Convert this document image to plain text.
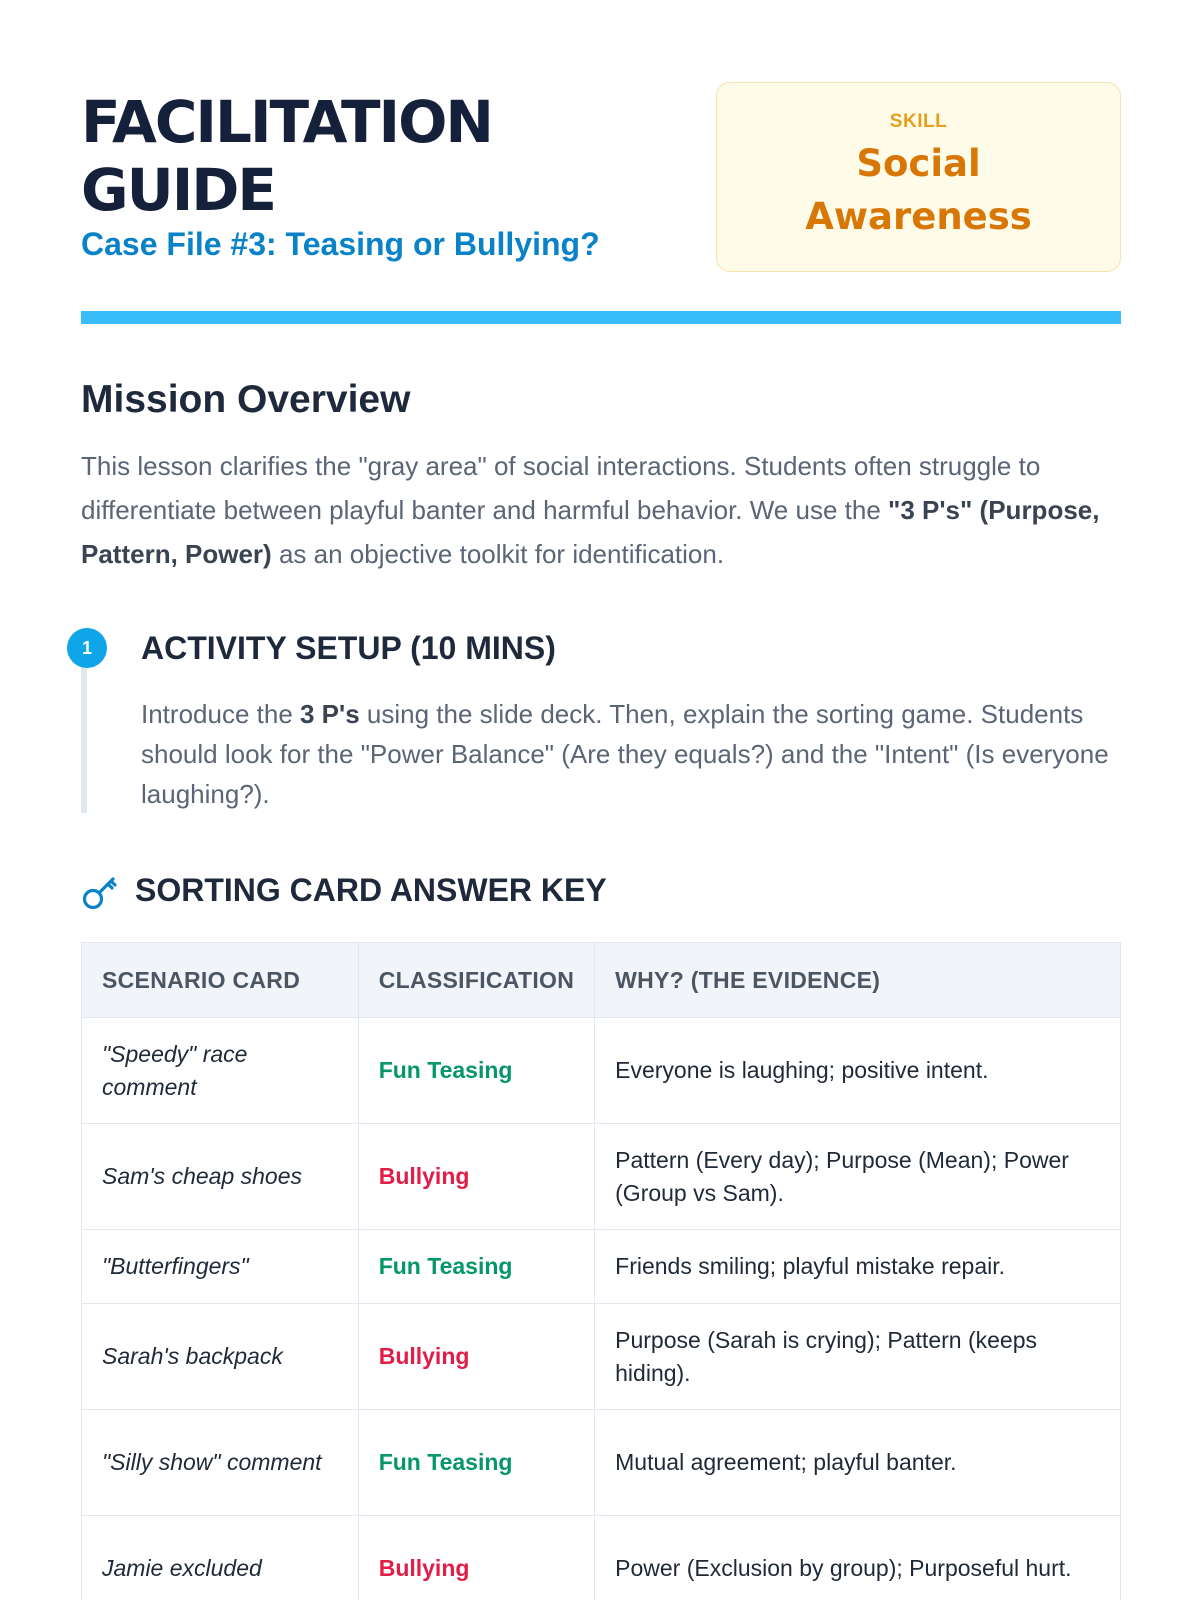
FACILITATION
GUIDE
Case File #3: Teasing or Bullying?
SKILL
Social
Awareness
Mission Overview

This lesson clarifies the "gray area" of social interactions. Students often struggle to differentiate between playful banter and harmful behavior. We use the "3 P's" (Purpose, Pattern, Power) as an objective toolkit for identification.

1	ACTIVITY SETUP (10 MINS)

Introduce the 3 P's using the slide deck. Then, explain the sorting game. Students should look for the "Power Balance" (Are they equals?) and the "Intent" (Is everyone laughing?).

SORTING CARD ANSWER KEY
SCENARIO CARD	CLASSIFICATION	WHY? (THE EVIDENCE)
"Speedy" race comment	Fun Teasing	Everyone is laughing; positive intent.
Sam's cheap shoes	Bullying	Pattern (Every day); Purpose (Mean); Power (Group vs Sam).
"Butterfingers"	Fun Teasing	Friends smiling; playful mistake repair.
Sarah's backpack	Bullying	Purpose (Sarah is crying); Pattern (keeps hiding).
"Silly show" comment	Fun Teasing	Mutual agreement; playful banter.
Jamie excluded	Bullying	Power (Exclusion by group); Purposeful hurt.
